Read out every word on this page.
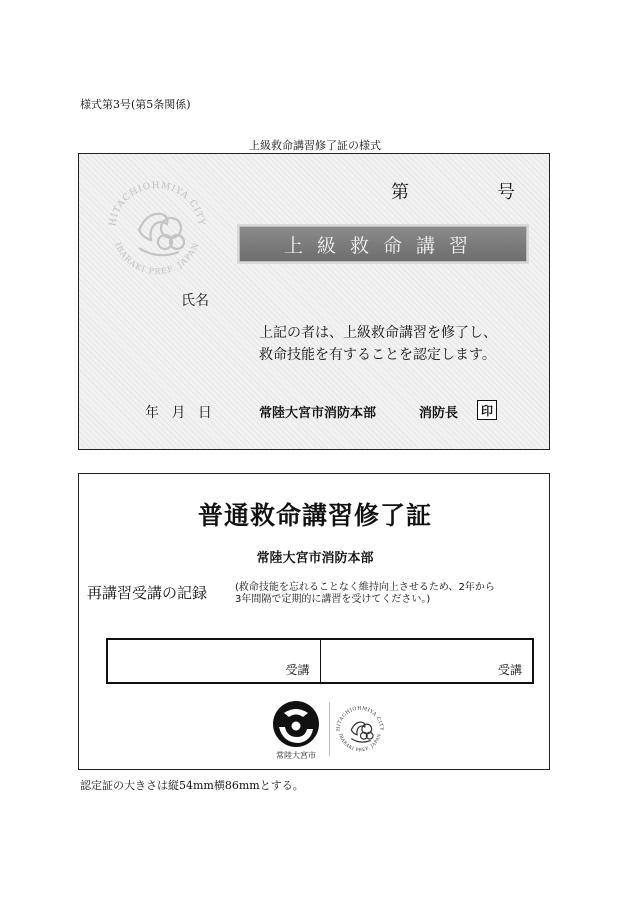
様式第3号(第5条関係)
上級救命講習修了証の様式
HITACHIOHMIYA CITY
IBARAKI PREF. JAPAN
第	号
上級救命講習
氏名
上記の者は、上級救命講習を修了し、
救命技能を有することを認定します。
年 月 日	常陸大宮市消防本部	消防長	印
普通救命講習修了証
常陸大宮市消防本部
再講習受講の記録	(救命技能を忘れることなく維持向上させるため、2年から
3年間隔で定期的に講習を受けてください。)
受講	受講
常陸大宮市
HITACHIOHMIYA CITY
IBARAKI PREF. JAPAN
認定証の大きさは縦54mm横86mmとする。
